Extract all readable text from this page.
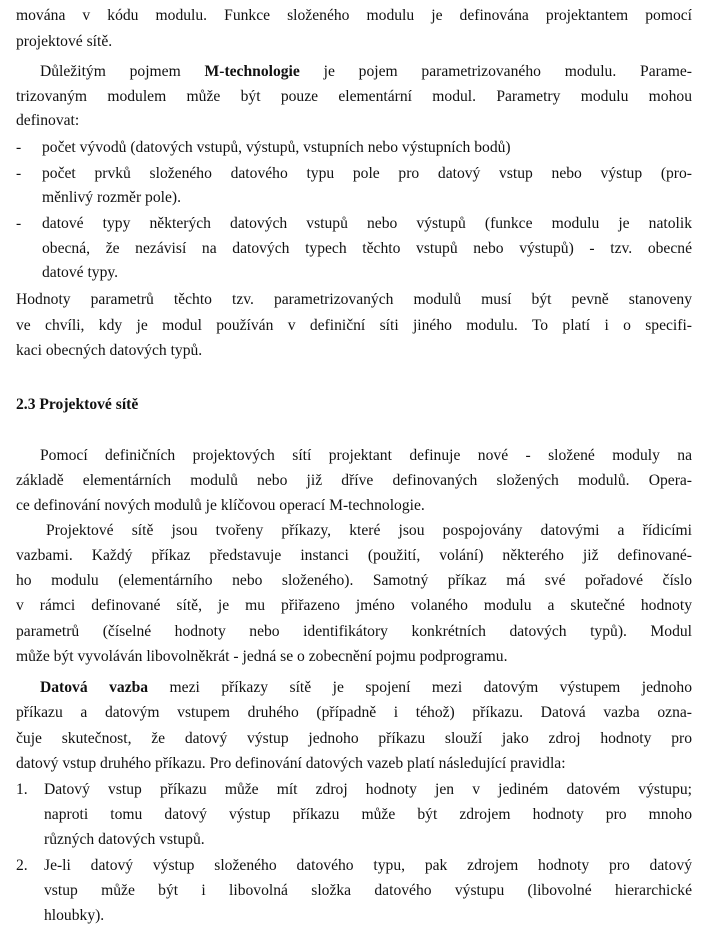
mována v kódu modulu. Funkce složeného modulu je definována projektantem pomocí
projektové sítě.
Důležitým pojmem M-technologie je pojem parametrizovaného modulu. Parame-
trizovaným modulem může být pouze elementární modul. Parametry modulu mohou
definovat:
- počet vývodů (datových vstupů, výstupů, vstupních nebo výstupních bodů)
- počet prvků složeného datového typu pole pro datový vstup nebo výstup (pro-
měnlivý rozměr pole).
- datové typy některých datových vstupů nebo výstupů (funkce modulu je natolik
obecná, že nezávisí na datových typech těchto vstupů nebo výstupů) - tzv. obecné
datové typy.
Hodnoty parametrů těchto tzv. parametrizovaných modulů musí být pevně stanoveny
ve chvíli, kdy je modul používán v definiční síti jiného modulu. To platí i o specifi-
kaci obecných datových typů.
2.3 Projektové sítě
Pomocí definičních projektových sítí projektant definuje nové - složené moduly na
základě elementárních modulů nebo již dříve definovaných složených modulů. Opera-
ce definování nových modulů je klíčovou operací M-technologie.
Projektové sítě jsou tvořeny příkazy, které jsou pospojovány datovými a řídicími
vazbami. Každý příkaz představuje instanci (použití, volání) některého již definované-
ho modulu (elementárního nebo složeného). Samotný příkaz má své pořadové číslo
v rámci definované sítě, je mu přiřazeno jméno volaného modulu a skutečné hodnoty
parametrů (číselné hodnoty nebo identifikátory konkrétních datových typů). Modul
může být vyvoláván libovolněkrát - jedná se o zobecnění pojmu podprogramu.
Datová vazba mezi příkazy sítě je spojení mezi datovým výstupem jednoho
příkazu a datovým vstupem druhého (případně i téhož) příkazu. Datová vazba ozna-
čuje skutečnost, že datový výstup jednoho příkazu slouží jako zdroj hodnoty pro
datový vstup druhého příkazu. Pro definování datových vazeb platí následující pravidla:
1. Datový vstup příkazu může mít zdroj hodnoty jen v jediném datovém výstupu;
naproti tomu datový výstup příkazu může být zdrojem hodnoty pro mnoho
různých datových vstupů.
2. Je-li datový výstup složeného datového typu, pak zdrojem hodnoty pro datový
vstup může být i libovolná složka datového výstupu (libovolné hierarchické
hloubky).
